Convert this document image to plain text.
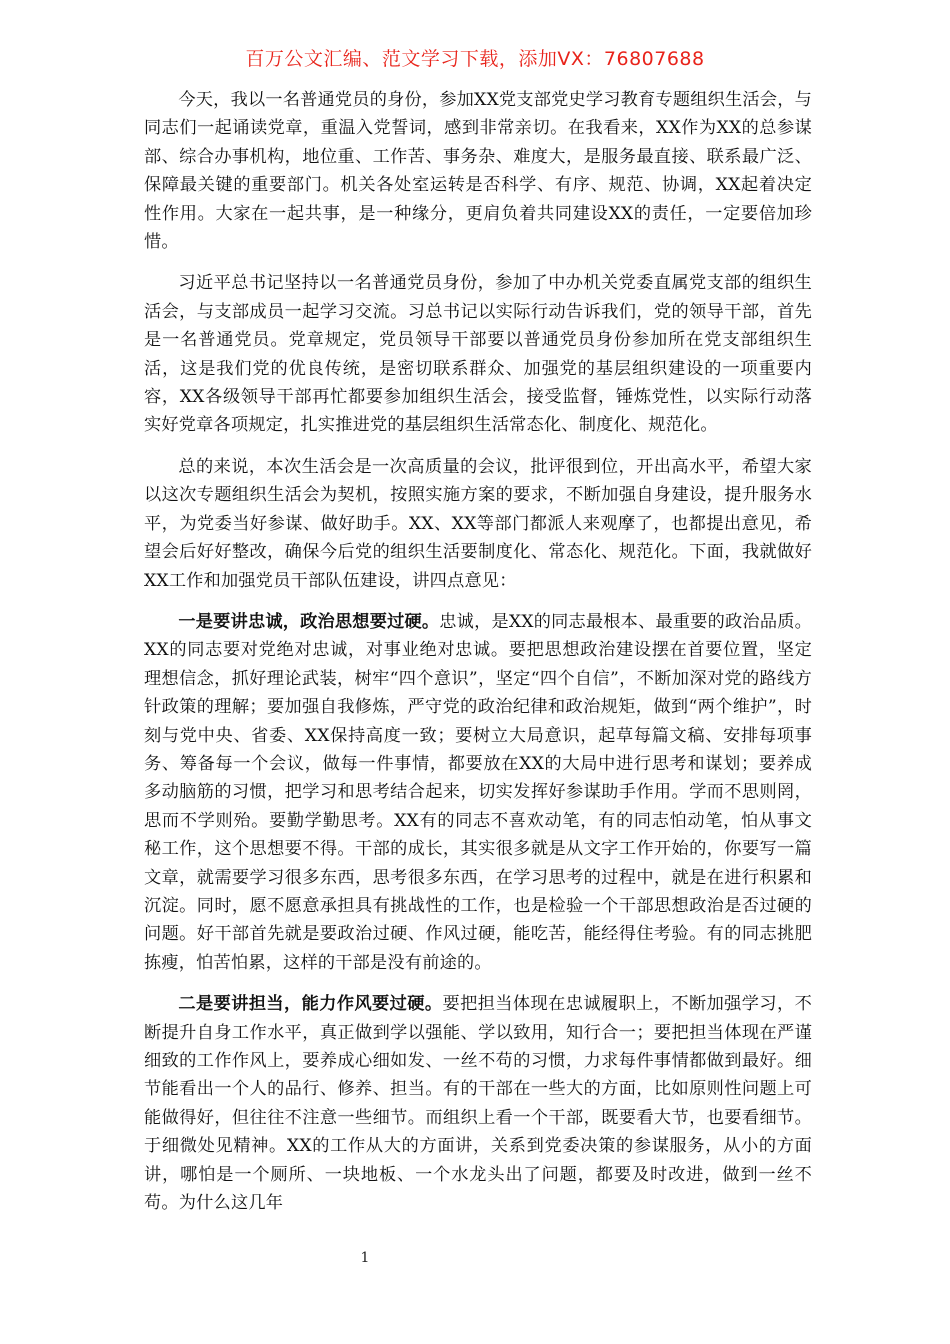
百万公文汇编、范文学习下载，添加VX：76807688

今天，我以一名普通党员的身份，参加XX党支部党史学习教育专题组织生活会，与同志们一起诵读党章，重温入党誓词，感到非常亲切。在我看来，XX作为XX的总参谋部、综合办事机构，地位重、工作苦、事务杂、难度大，是服务最直接、联系最广泛、保障最关键的重要部门。机关各处室运转是否科学、有序、规范、协调，XX起着决定性作用。大家在一起共事，是一种缘分，更肩负着共同建设XX的责任，一定要倍加珍惜。

习近平总书记坚持以一名普通党员身份，参加了中办机关党委直属党支部的组织生活会，与支部成员一起学习交流。习总书记以实际行动告诉我们，党的领导干部，首先是一名普通党员。党章规定，党员领导干部要以普通党员身份参加所在党支部组织生活，这是我们党的优良传统，是密切联系群众、加强党的基层组织建设的一项重要内容，XX各级领导干部再忙都要参加组织生活会，接受监督，锤炼党性，以实际行动落实好党章各项规定，扎实推进党的基层组织生活常态化、制度化、规范化。

总的来说，本次生活会是一次高质量的会议，批评很到位，开出高水平，希望大家以这次专题组织生活会为契机，按照实施方案的要求，不断加强自身建设，提升服务水平，为党委当好参谋、做好助手。XX、XX等部门都派人来观摩了，也都提出意见，希望会后好好整改，确保今后党的组织生活要制度化、常态化、规范化。下面，我就做好XX工作和加强党员干部队伍建设，讲四点意见：

一是要讲忠诚，政治思想要过硬。忠诚，是XX的同志最根本、最重要的政治品质。XX的同志要对党绝对忠诚，对事业绝对忠诚。要把思想政治建设摆在首要位置，坚定理想信念，抓好理论武装，树牢“四个意识”，坚定“四个自信”，不断加深对党的路线方针政策的理解；要加强自我修炼，严守党的政治纪律和政治规矩，做到“两个维护”，时刻与党中央、省委、XX保持高度一致；要树立大局意识，起草每篇文稿、安排每项事务、筹备每一个会议，做每一件事情，都要放在XX的大局中进行思考和谋划；要养成多动脑筋的习惯，把学习和思考结合起来，切实发挥好参谋助手作用。学而不思则罔，思而不学则殆。要勤学勤思考。XX有的同志不喜欢动笔，有的同志怕动笔，怕从事文秘工作，这个思想要不得。干部的成长，其实很多就是从文字工作开始的，你要写一篇文章，就需要学习很多东西，思考很多东西，在学习思考的过程中，就是在进行积累和沉淀。同时，愿不愿意承担具有挑战性的工作，也是检验一个干部思想政治是否过硬的问题。好干部首先就是要政治过硬、作风过硬，能吃苦，能经得住考验。有的同志挑肥拣瘦，怕苦怕累，这样的干部是没有前途的。

二是要讲担当，能力作风要过硬。要把担当体现在忠诚履职上，不断加强学习，不断提升自身工作水平，真正做到学以强能、学以致用，知行合一；要把担当体现在严谨细致的工作作风上，要养成心细如发、一丝不苟的习惯，力求每件事情都做到最好。细节能看出一个人的品行、修养、担当。有的干部在一些大的方面，比如原则性问题上可能做得好，但往往不注意一些细节。而组织上看一个干部，既要看大节，也要看细节。于细微处见精神。XX的工作从大的方面讲，关系到党委决策的参谋服务，从小的方面讲，哪怕是一个厕所、一块地板、一个水龙头出了问题，都要及时改进，做到一丝不苟。为什么这几年

1
